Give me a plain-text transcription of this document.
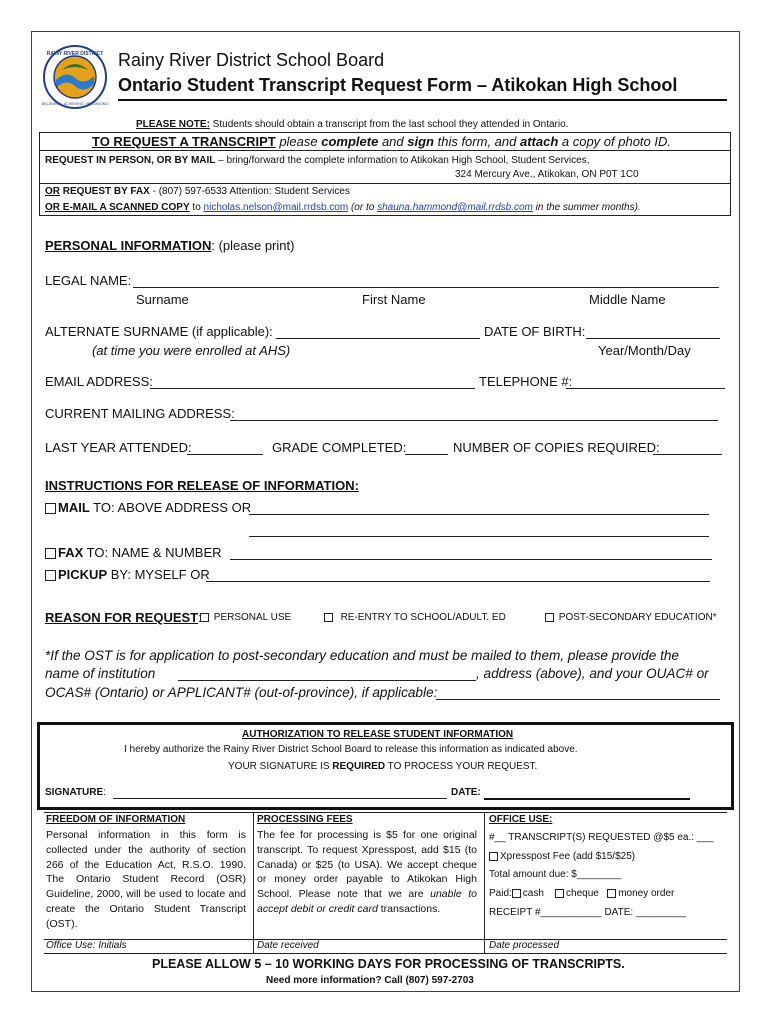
RAINY RIVER DISTRICT
BELIEVING · ACHIEVING · BELONGING
Rainy River District School Board
Ontario Student Transcript Request Form – Atikokan High School
PLEASE NOTE: Students should obtain a transcript from the last school they attended in Ontario.
TO REQUEST A TRANSCRIPT please complete and sign this form, and attach a copy of photo ID.
REQUEST IN PERSON, OR BY MAIL – bring/forward the complete information to Atikokan High School, Student Services,
324 Mercury Ave., Atikokan, ON P0T 1C0
OR REQUEST BY FAX - (807) 597-6533 Attention: Student Services
OR E-MAIL A SCANNED COPY to nicholas.nelson@mail.rrdsb.com (or to shauna.hammond@mail.rrdsb.com in the summer months).
PERSONAL INFORMATION: (please print)
LEGAL NAME:
Surname	First Name	Middle Name
ALTERNATE SURNAME (if applicable):	DATE OF BIRTH:
(at time you were enrolled at AHS)	Year/Month/Day
EMAIL ADDRESS:	TELEPHONE #:
CURRENT MAILING ADDRESS:
LAST YEAR ATTENDED:	GRADE COMPLETED:	NUMBER OF COPIES REQUIRED:
INSTRUCTIONS FOR RELEASE OF INFORMATION:
MAIL TO: ABOVE ADDRESS OR
FAX TO: NAME & NUMBER
PICKUP BY: MYSELF OR
REASON FOR REQUEST:	PERSONAL USE	RE-ENTRY TO SCHOOL/ADULT. ED	POST-SECONDARY EDUCATION*
*If the OST is for application to post-secondary education and must be mailed to them, please provide the
name of institution	, address (above), and your OUAC# or
OCAS# (Ontario) or APPLICANT# (out-of-province), if applicable:
AUTHORIZATION TO RELEASE STUDENT INFORMATION
I hereby authorize the Rainy River District School Board to release this information as indicated above.
YOUR SIGNATURE IS REQUIRED TO PROCESS YOUR REQUEST.
SIGNATURE:	DATE:
FREEDOM OF INFORMATION
Personal information in this form is collected under the authority of section 266 of the Education Act, R.S.O. 1990. The Ontario Student Record (OSR) Guideline, 2000, will be used to locate and create the Ontario Student Transcript (OST).
PROCESSING FEES
The fee for processing is $5 for one original transcript. To request Xpresspost, add $15 (to Canada) or $25 (to USA). We accept cheque or money order payable to Atikokan High School. Please note that we are unable to accept debit or credit card transactions.
OFFICE USE:
#__ TRANSCRIPT(S) REQUESTED @$5 ea.: ___
Xpresspost Fee (add $15/$25)
Total amount due: $________
Paid: cash cheque money order
RECEIPT #___________ DATE: _________
Office Use: Initials	Date received	Date processed
PLEASE ALLOW 5 – 10 WORKING DAYS FOR PROCESSING OF TRANSCRIPTS.
Need more information? Call (807) 597-2703
